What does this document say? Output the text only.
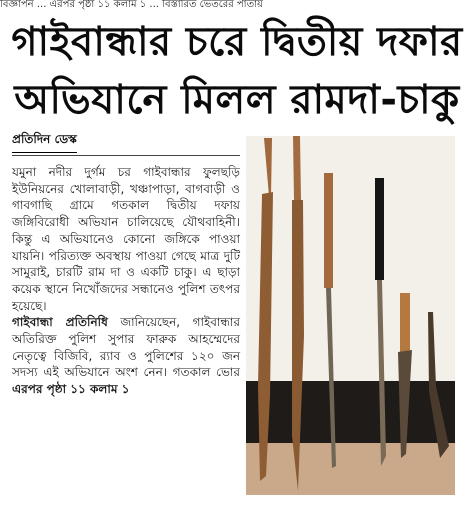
বিজ্ঞাপন ... এরপর পৃষ্ঠা ১১ কলাম ১ ... বিস্তারিত ভেতরের পাতায়
গাইবান্ধার চরে দ্বিতীয় দফার
অভিযানে মিলল রামদা-চাকু
প্রতিদিন ডেস্ক

যমুনা নদীর দুর্গম চর গাইবান্ধার ফুলছড়ি ইউনিয়নের খোলাবাড়ী, খঞ্চাপাড়া, বাগবাড়ী ও গাবগাছি গ্রামে গতকাল দ্বিতীয় দফায় জঙ্গিবিরোধী অভিযান চালিয়েছে যৌথবাহিনী। কিন্তু এ অভিযানেও কোনো জঙ্গিকে পাওয়া যায়নি। পরিত্যক্ত অবস্থায় পাওয়া গেছে মাত্র দুটি সামুরাই, চারটি রাম দা ও একটি চাকু। এ ছাড়া কয়েক স্থানে নিখোঁজদের সন্ধানেও পুলিশ তৎপর হয়েছে।

গাইবান্ধা প্রতিনিধি জানিয়েছেন, গাইবান্ধার অতিরিক্ত পুলিশ সুপার ফারুক আহম্মেদের নেতৃত্বে বিজিবি, র‌্যাব ও পুলিশের ১২০ জন সদস্য এই অভিযানে অংশ নেন। গতকাল ভোর এরপর পৃষ্ঠা ১১ কলাম ১
